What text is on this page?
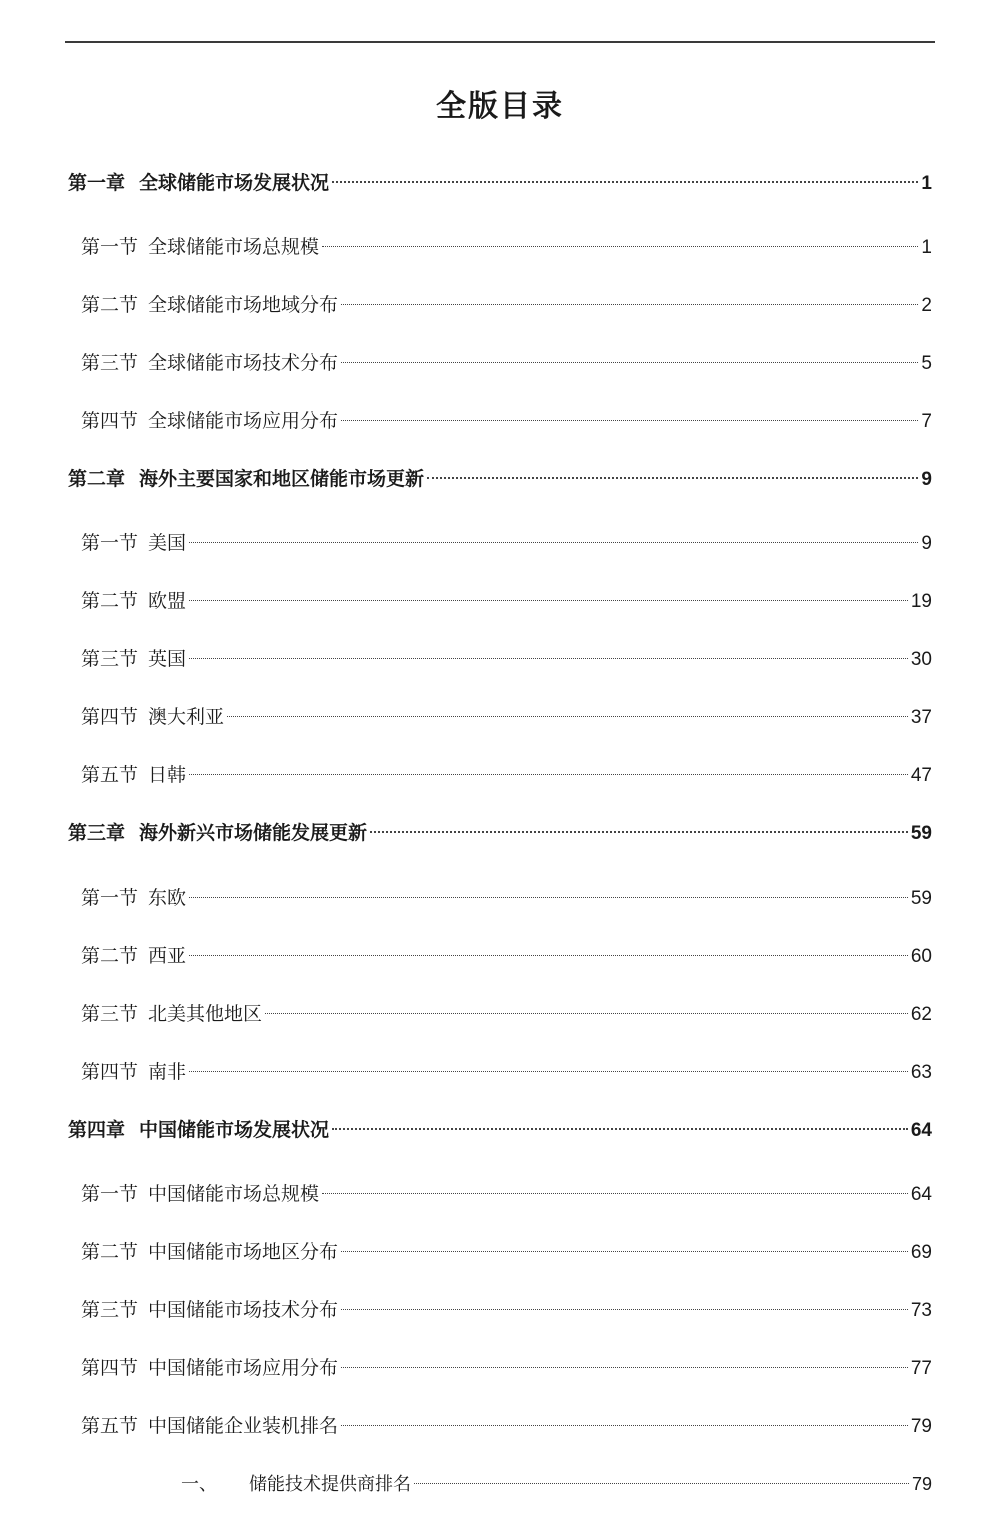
全版目录
第一章 全球储能市场发展状况	1
第一节 全球储能市场总规模	1
第二节 全球储能市场地域分布	2
第三节 全球储能市场技术分布	5
第四节 全球储能市场应用分布	7
第二章 海外主要国家和地区储能市场更新	9
第一节 美国	9
第二节 欧盟	19
第三节 英国	30
第四节 澳大利亚	37
第五节 日韩	47
第三章 海外新兴市场储能发展更新	59
第一节 东欧	59
第二节 西亚	60
第三节 北美其他地区	62
第四节 南非	63
第四章 中国储能市场发展状况	64
第一节 中国储能市场总规模	64
第二节 中国储能市场地区分布	69
第三节 中国储能市场技术分布	73
第四节 中国储能市场应用分布	77
第五节 中国储能企业装机排名	79
一、 储能技术提供商排名	79
